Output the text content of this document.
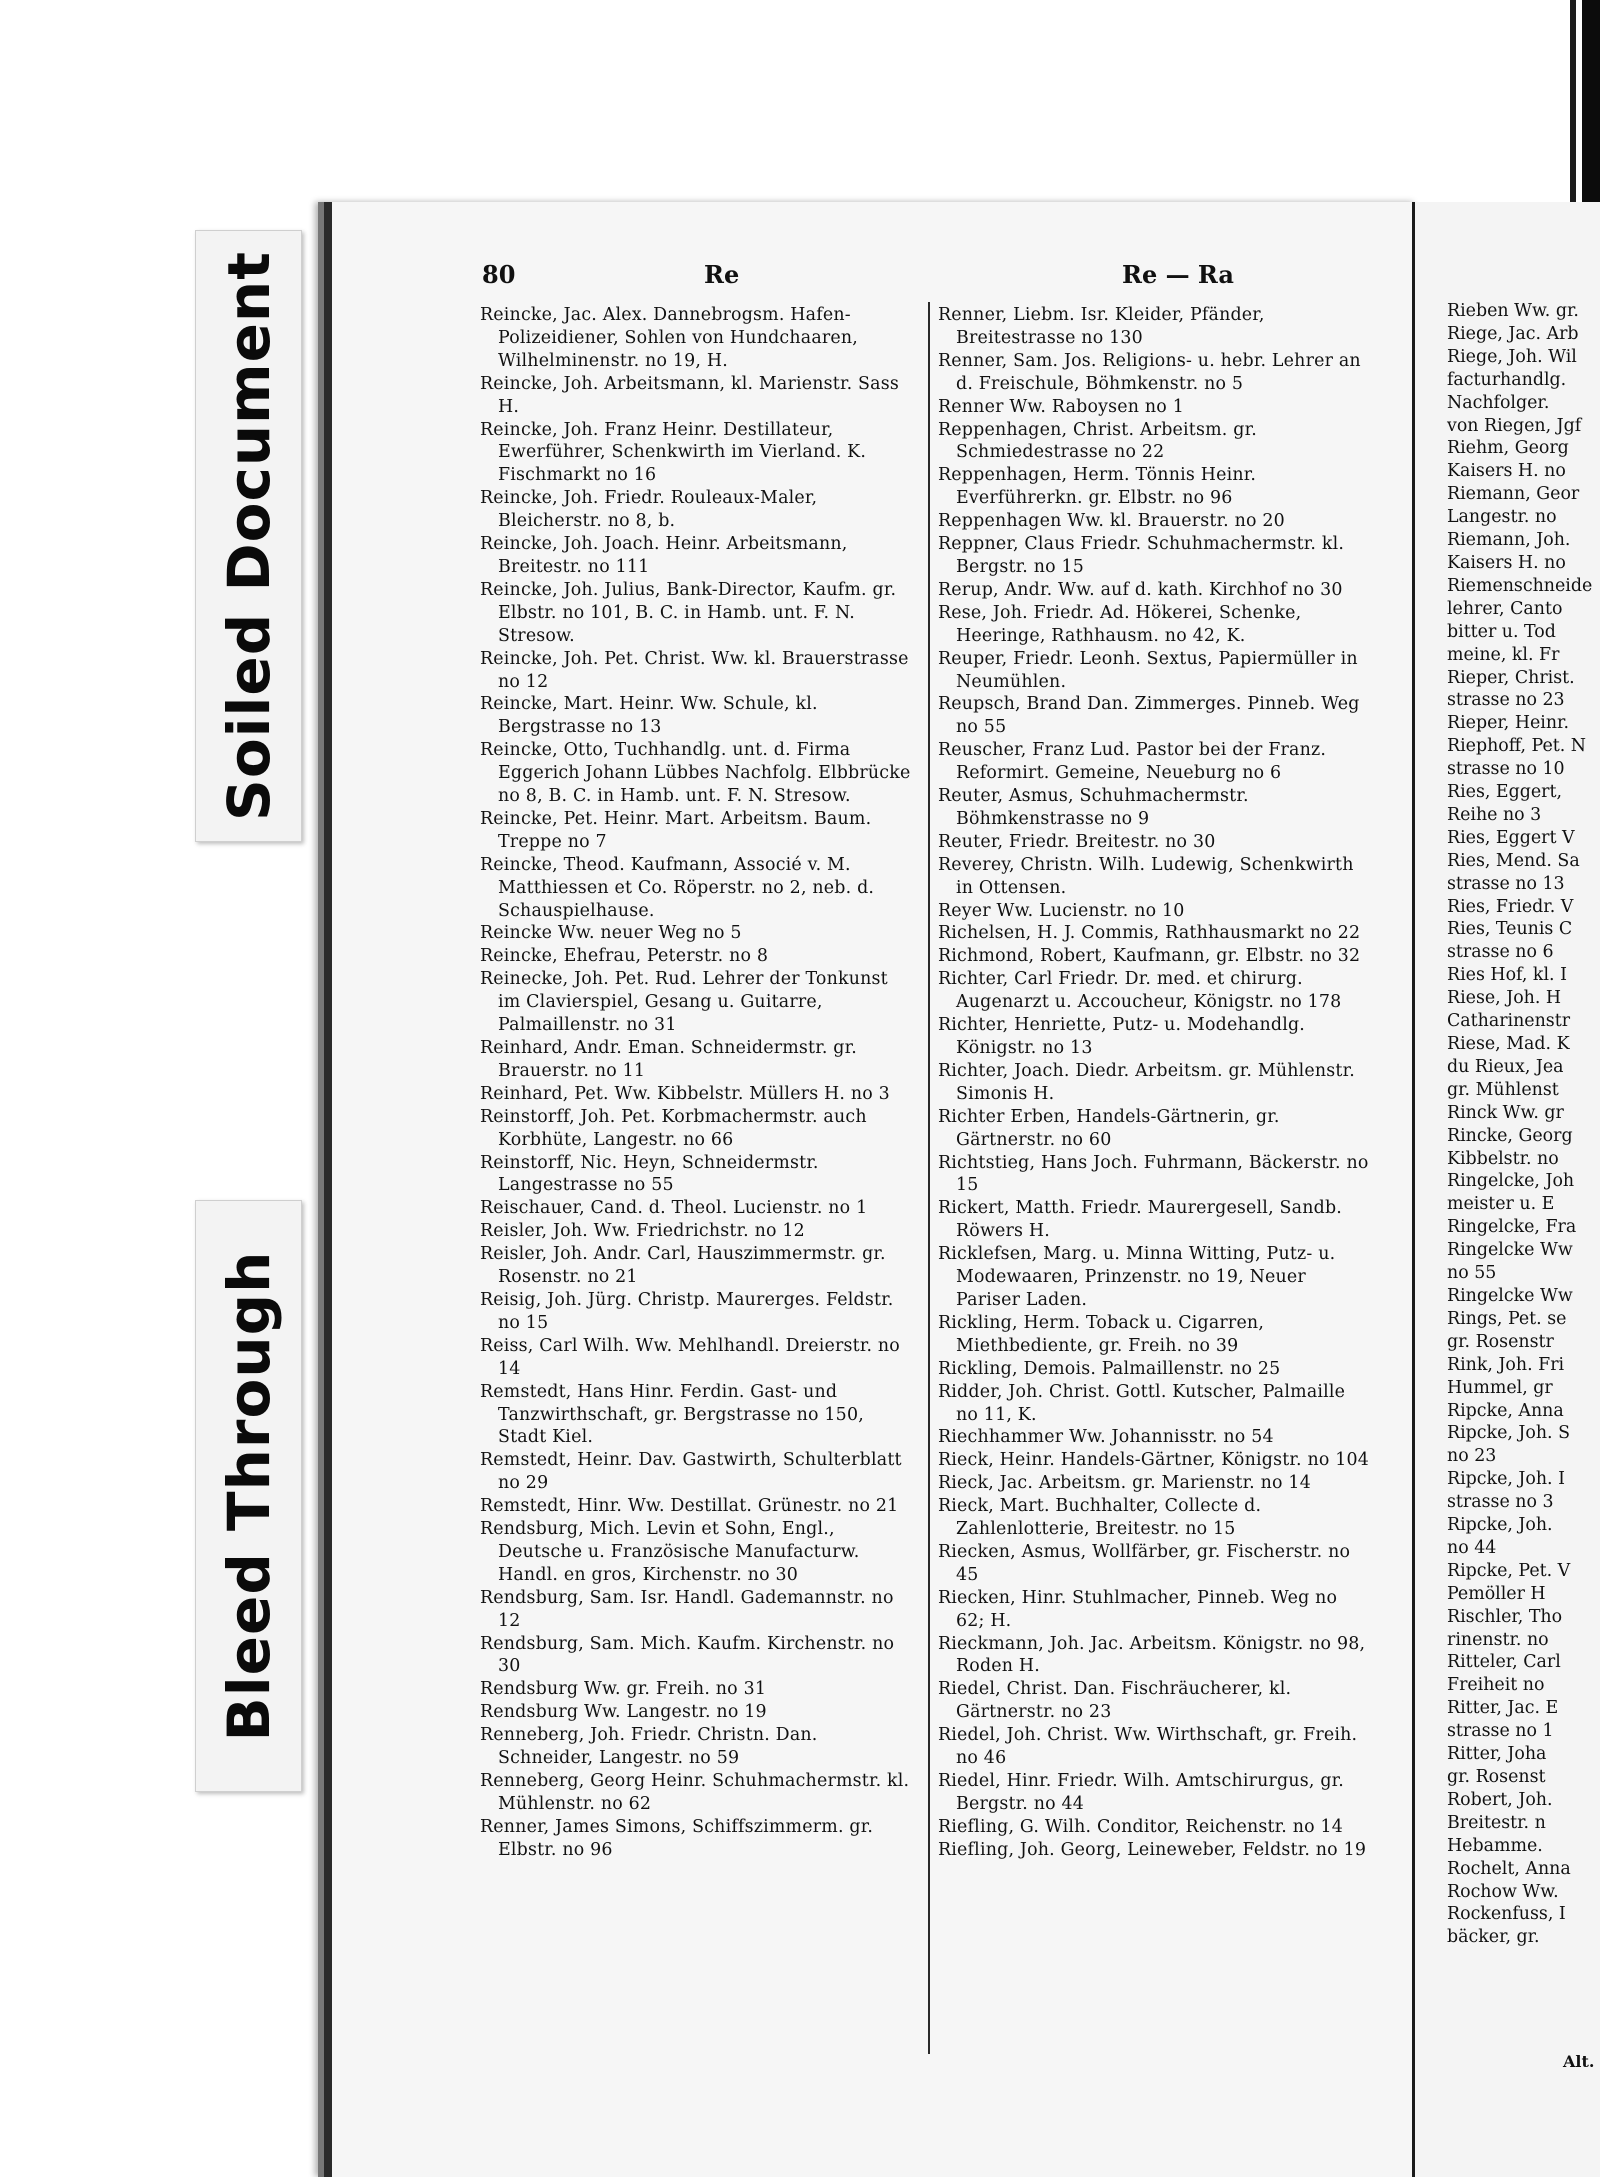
Soiled Document
Bleed Through
80	Re	Re — Ra

Reincke, Jac. Alex. Dannebrogsm. Hafen-Polizeidiener, Sohlen von Hundchaaren, Wilhelminenstr. no 19, H.

Reincke, Joh. Arbeitsmann, kl. Marienstr. Sass H.

Reincke, Joh. Franz Heinr. Destillateur, Ewerführer, Schenkwirth im Vierland. K. Fischmarkt no 16

Reincke, Joh. Friedr. Rouleaux-Maler, Bleicherstr. no 8, b.

Reincke, Joh. Joach. Heinr. Arbeitsmann, Breitestr. no 111

Reincke, Joh. Julius, Bank-Director, Kaufm. gr. Elbstr. no 101, B. C. in Hamb. unt. F. N. Stresow.

Reincke, Joh. Pet. Christ. Ww. kl. Brauerstrasse no 12

Reincke, Mart. Heinr. Ww. Schule, kl. Bergstrasse no 13

Reincke, Otto, Tuchhandlg. unt. d. Firma Eggerich Johann Lübbes Nachfolg. Elbbrücke no 8, B. C. in Hamb. unt. F. N. Stresow.

Reincke, Pet. Heinr. Mart. Arbeitsm. Baum. Treppe no 7

Reincke, Theod. Kaufmann, Associé v. M. Matthiessen et Co. Röperstr. no 2, neb. d. Schauspielhause.

Reincke Ww. neuer Weg no 5

Reincke, Ehefrau, Peterstr. no 8

Reinecke, Joh. Pet. Rud. Lehrer der Tonkunst im Clavierspiel, Gesang u. Guitarre, Palmaillenstr. no 31

Reinhard, Andr. Eman. Schneidermstr. gr. Brauerstr. no 11

Reinhard, Pet. Ww. Kibbelstr. Müllers H. no 3

Reinstorff, Joh. Pet. Korbmachermstr. auch Korbhüte, Langestr. no 66

Reinstorff, Nic. Heyn, Schneidermstr. Langestrasse no 55

Reischauer, Cand. d. Theol. Lucienstr. no 1

Reisler, Joh. Ww. Friedrichstr. no 12

Reisler, Joh. Andr. Carl, Hauszimmermstr. gr. Rosenstr. no 21

Reisig, Joh. Jürg. Christp. Maurerges. Feldstr. no 15

Reiss, Carl Wilh. Ww. Mehlhandl. Dreierstr. no 14

Remstedt, Hans Hinr. Ferdin. Gast- und Tanzwirthschaft, gr. Bergstrasse no 150, Stadt Kiel.

Remstedt, Heinr. Dav. Gastwirth, Schulterblatt no 29

Remstedt, Hinr. Ww. Destillat. Grünestr. no 21

Rendsburg, Mich. Levin et Sohn, Engl., Deutsche u. Französische Manufacturw. Handl. en gros, Kirchenstr. no 30

Rendsburg, Sam. Isr. Handl. Gademannstr. no 12

Rendsburg, Sam. Mich. Kaufm. Kirchenstr. no 30

Rendsburg Ww. gr. Freih. no 31

Rendsburg Ww. Langestr. no 19

Renneberg, Joh. Friedr. Christn. Dan. Schneider, Langestr. no 59

Renneberg, Georg Heinr. Schuhmachermstr. kl. Mühlenstr. no 62

Renner, James Simons, Schiffszimmerm. gr. Elbstr. no 96

Renner, Liebm. Isr. Kleider, Pfänder, Breitestrasse no 130

Renner, Sam. Jos. Religions- u. hebr. Lehrer an d. Freischule, Böhmkenstr. no 5

Renner Ww. Raboysen no 1

Reppenhagen, Christ. Arbeitsm. gr. Schmiedestrasse no 22

Reppenhagen, Herm. Tönnis Heinr. Everführerkn. gr. Elbstr. no 96

Reppenhagen Ww. kl. Brauerstr. no 20

Reppner, Claus Friedr. Schuhmachermstr. kl. Bergstr. no 15

Rerup, Andr. Ww. auf d. kath. Kirchhof no 30

Rese, Joh. Friedr. Ad. Hökerei, Schenke, Heeringe, Rathhausm. no 42, K.

Reuper, Friedr. Leonh. Sextus, Papiermüller in Neumühlen.

Reupsch, Brand Dan. Zimmerges. Pinneb. Weg no 55

Reuscher, Franz Lud. Pastor bei der Franz. Reformirt. Gemeine, Neueburg no 6

Reuter, Asmus, Schuhmachermstr. Böhmkenstrasse no 9

Reuter, Friedr. Breitestr. no 30

Reverey, Christn. Wilh. Ludewig, Schenkwirth in Ottensen.

Reyer Ww. Lucienstr. no 10

Richelsen, H. J. Commis, Rathhausmarkt no 22

Richmond, Robert, Kaufmann, gr. Elbstr. no 32

Richter, Carl Friedr. Dr. med. et chirurg. Augenarzt u. Accoucheur, Königstr. no 178

Richter, Henriette, Putz- u. Modehandlg. Königstr. no 13

Richter, Joach. Diedr. Arbeitsm. gr. Mühlenstr. Simonis H.

Richter Erben, Handels-Gärtnerin, gr. Gärtnerstr. no 60

Richtstieg, Hans Joch. Fuhrmann, Bäckerstr. no 15

Rickert, Matth. Friedr. Maurergesell, Sandb. Röwers H.

Ricklefsen, Marg. u. Minna Witting, Putz- u. Modewaaren, Prinzenstr. no 19, Neuer Pariser Laden.

Rickling, Herm. Toback u. Cigarren, Miethbediente, gr. Freih. no 39

Rickling, Demois. Palmaillenstr. no 25

Ridder, Joh. Christ. Gottl. Kutscher, Palmaille no 11, K.

Riechhammer Ww. Johannisstr. no 54

Rieck, Heinr. Handels-Gärtner, Königstr. no 104

Rieck, Jac. Arbeitsm. gr. Marienstr. no 14

Rieck, Mart. Buchhalter, Collecte d. Zahlenlotterie, Breitestr. no 15

Riecken, Asmus, Wollfärber, gr. Fischerstr. no 45

Riecken, Hinr. Stuhlmacher, Pinneb. Weg no 62; H.

Rieckmann, Joh. Jac. Arbeitsm. Königstr. no 98, Roden H.

Riedel, Christ. Dan. Fischräucherer, kl. Gärtnerstr. no 23

Riedel, Joh. Christ. Ww. Wirthschaft, gr. Freih. no 46

Riedel, Hinr. Friedr. Wilh. Amtschirurgus, gr. Bergstr. no 44

Riefling, G. Wilh. Conditor, Reichenstr. no 14

Riefling, Joh. Georg, Leineweber, Feldstr. no 19

Rieben Ww. gr.

Riege, Jac. Arb

Riege, Joh. Wil

facturhandlg.

Nachfolger.

von Riegen, Jgf

Riehm, Georg

Kaisers H. no

Riemann, Geor

Langestr. no

Riemann, Joh.

Kaisers H. no

Riemenschneide

lehrer, Canto

bitter u. Tod

meine, kl. Fr

Rieper, Christ.

strasse no 23

Rieper, Heinr.

Riephoff, Pet. N

strasse no 10

Ries, Eggert,

Reihe no 3

Ries, Eggert V

Ries, Mend. Sa

strasse no 13

Ries, Friedr. V

Ries, Teunis C

strasse no 6

Ries Hof, kl. I

Riese, Joh. H

Catharinenstr

Riese, Mad. K

du Rieux, Jea

gr. Mühlenst

Rinck Ww. gr

Rincke, Georg

Kibbelstr. no

Ringelcke, Joh

meister u. E

Ringelcke, Fra

Ringelcke Ww

no 55

Ringelcke Ww

Rings, Pet. se

gr. Rosenstr

Rink, Joh. Fri

Hummel, gr

Ripcke, Anna

Ripcke, Joh. S

no 23

Ripcke, Joh. I

strasse no 3

Ripcke, Joh.

no 44

Ripcke, Pet. V

Pemöller H

Rischler, Tho

rinenstr. no

Ritteler, Carl

Freiheit no

Ritter, Jac. E

strasse no 1

Ritter, Joha

gr. Rosenst

Robert, Joh.

Breitestr. n

Hebamme.

Rochelt, Anna

Rochow Ww.

Rockenfuss, I

bäcker, gr.

Alt.
